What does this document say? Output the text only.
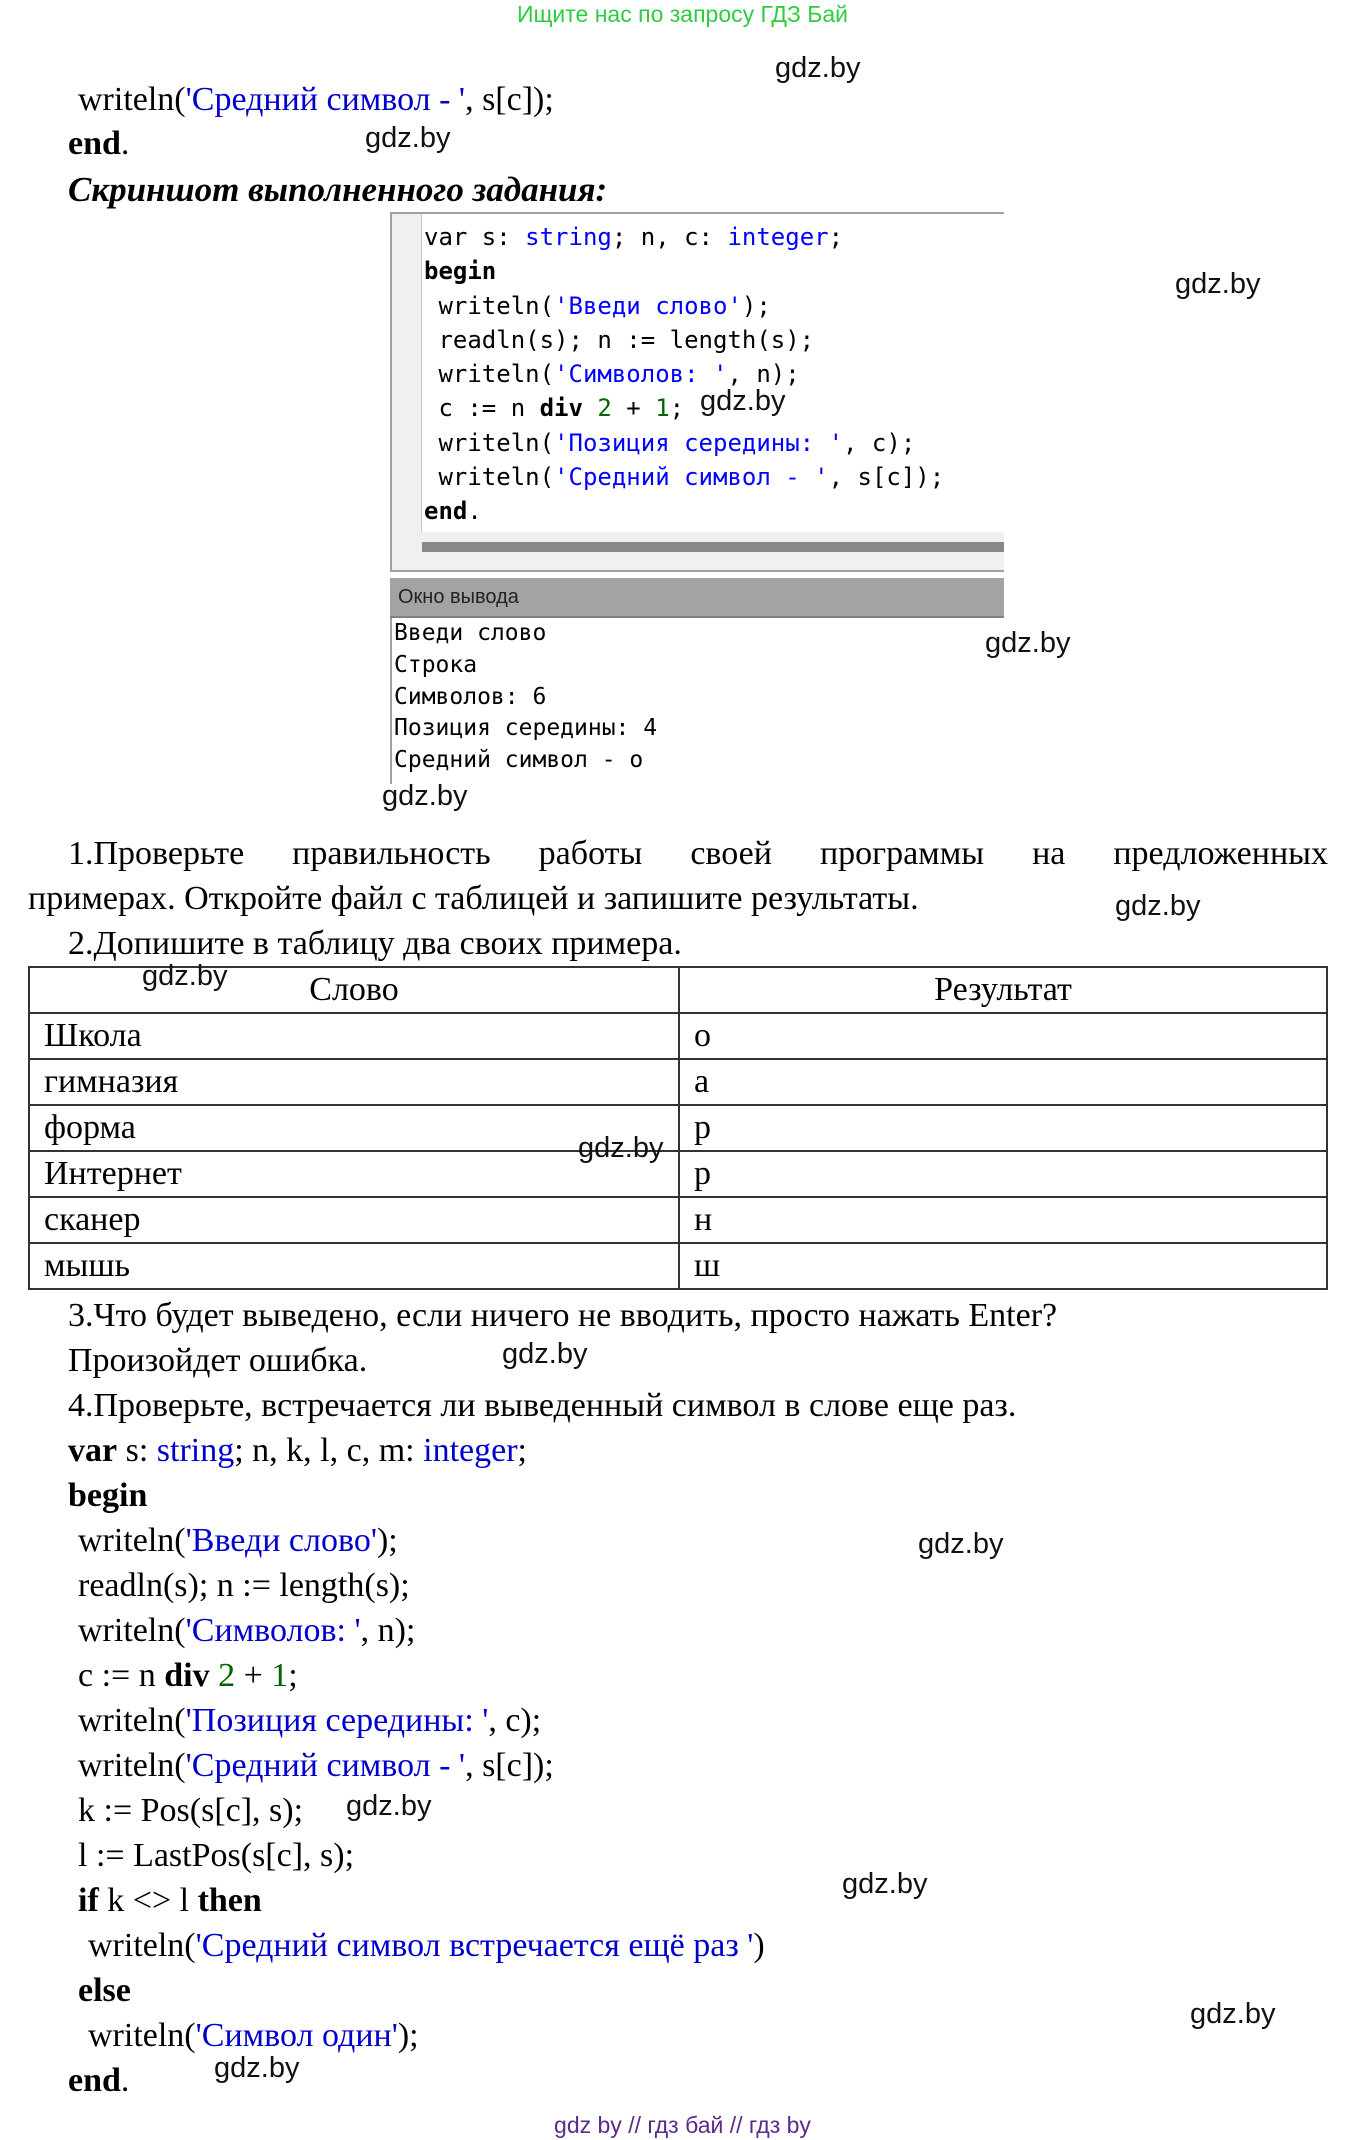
Ищите нас по запросу ГДЗ Бай
writeln('Средний символ - ', s[c]);
end.
Скриншот выполненного задания:
var s: string; n, c: integer;
begin
writeln('Введи слово');
readln(s); n := length(s);
writeln('Символов: ', n);
c := n div 2 + 1;
writeln('Позиция середины: ', c);
writeln('Средний символ - ', s[c]);
end.
Окно вывода
Введи слово
Строка
Символов: 6
Позиция середины: 4
Средний символ - о
1.Проверьте правильность работы своей программы на предложенных
примерах. Откройте файл с таблицей и запишите результаты.
2.Допишите в таблицу два своих примера.
Слово	Результат
Школа	о
гимназия	а
форма	р
Интернет	р
сканер	н
мышь	ш
3.Что будет выведено, если ничего не вводить, просто нажать Enter?
Произойдет ошибка.
4.Проверьте, встречается ли выведенный символ в слове еще раз.
var s: string; n, k, l, c, m: integer;
begin
writeln('Введи слово');
readln(s); n := length(s);
writeln('Символов: ', n);
c := n div 2 + 1;
writeln('Позиция середины: ', c);
writeln('Средний символ - ', s[c]);
k := Pos(s[c], s);
l := LastPos(s[c], s);
if k <> l then
writeln('Средний символ встречается ещё раз ')
else
writeln('Символ один');
end.
gdz.by
gdz.by
gdz.by
gdz.by
gdz.by
gdz.by
gdz.by
gdz.by
gdz.by
gdz.by
gdz.by
gdz.by
gdz.by
gdz.by
gdz.by
gdz by // гдз бай // гдз by
